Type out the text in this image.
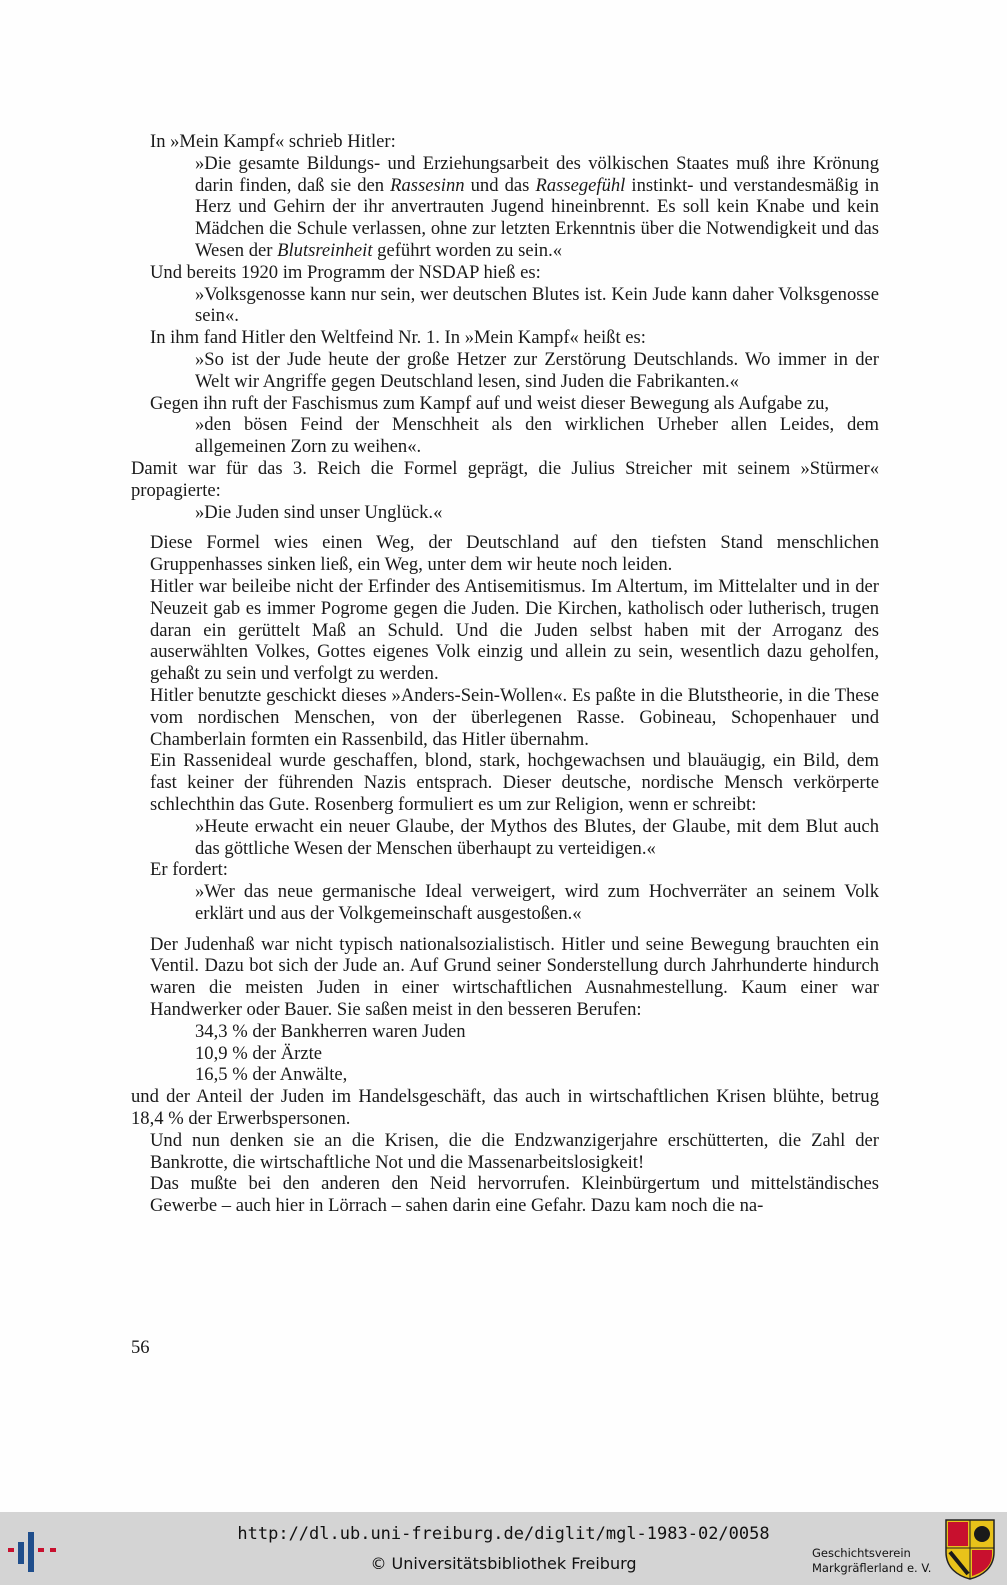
In »Mein Kampf« schrieb Hitler:

»Die gesamte Bildungs- und Erziehungsarbeit des völkischen Staates muß ihre Krönung darin finden, daß sie den Rassesinn und das Rassegefühl instinkt- und verstandesmäßig in Herz und Gehirn der ihr anvertrauten Jugend hineinbrennt. Es soll kein Knabe und kein Mädchen die Schule verlassen, ohne zur letzten Erkenntnis über die Notwendigkeit und das Wesen der Blutsreinheit geführt worden zu sein.«

Und bereits 1920 im Programm der NSDAP hieß es:

»Volksgenosse kann nur sein, wer deutschen Blutes ist. Kein Jude kann daher Volksgenosse sein«.

In ihm fand Hitler den Weltfeind Nr. 1. In »Mein Kampf« heißt es:

»So ist der Jude heute der große Hetzer zur Zerstörung Deutschlands. Wo immer in der Welt wir Angriffe gegen Deutschland lesen, sind Juden die Fabrikanten.«

Gegen ihn ruft der Faschismus zum Kampf auf und weist dieser Bewegung als Aufgabe zu,

»den bösen Feind der Menschheit als den wirklichen Urheber allen Leides, dem allgemeinen Zorn zu weihen«.

Damit war für das 3. Reich die Formel geprägt, die Julius Streicher mit seinem »Stürmer« propagierte:

»Die Juden sind unser Unglück.«

Diese Formel wies einen Weg, der Deutschland auf den tiefsten Stand menschlichen Gruppenhasses sinken ließ, ein Weg, unter dem wir heute noch leiden.

Hitler war beileibe nicht der Erfinder des Antisemitismus. Im Altertum, im Mittelalter und in der Neuzeit gab es immer Pogrome gegen die Juden. Die Kirchen, katholisch oder lutherisch, trugen daran ein gerüttelt Maß an Schuld. Und die Juden selbst haben mit der Arroganz des auserwählten Volkes, Gottes eigenes Volk einzig und allein zu sein, wesentlich dazu geholfen, gehaßt zu sein und verfolgt zu werden.

Hitler benutzte geschickt dieses »Anders-Sein-Wollen«. Es paßte in die Blutstheorie, in die These vom nordischen Menschen, von der überlegenen Rasse. Gobineau, Schopenhauer und Chamberlain formten ein Rassenbild, das Hitler übernahm.

Ein Rassenideal wurde geschaffen, blond, stark, hochgewachsen und blauäugig, ein Bild, dem fast keiner der führenden Nazis entsprach. Dieser deutsche, nordische Mensch verkörperte schlechthin das Gute. Rosenberg formuliert es um zur Religion, wenn er schreibt:

»Heute erwacht ein neuer Glaube, der Mythos des Blutes, der Glaube, mit dem Blut auch das göttliche Wesen der Menschen überhaupt zu verteidigen.«

Er fordert:

»Wer das neue germanische Ideal verweigert, wird zum Hochverräter an seinem Volk erklärt und aus der Volkgemeinschaft ausgestoßen.«

Der Judenhaß war nicht typisch nationalsozialistisch. Hitler und seine Bewegung brauchten ein Ventil. Dazu bot sich der Jude an. Auf Grund seiner Sonderstellung durch Jahrhunderte hindurch waren die meisten Juden in einer wirtschaftlichen Ausnahmestellung. Kaum einer war Handwerker oder Bauer. Sie saßen meist in den besseren Berufen:

34,3 % der Bankherren waren Juden

10,9 % der Ärzte

16,5 % der Anwälte,

und der Anteil der Juden im Handelsgeschäft, das auch in wirtschaftlichen Krisen blühte, betrug 18,4 % der Erwerbspersonen.

Und nun denken sie an die Krisen, die die Endzwanzigerjahre erschütterten, die Zahl der Bankrotte, die wirtschaftliche Not und die Massenarbeitslosigkeit!

Das mußte bei den anderen den Neid hervorrufen. Kleinbürgertum und mittelständisches Gewerbe – auch hier in Lörrach – sahen darin eine Gefahr. Dazu kam noch die na-

56
http://dl.ub.uni-freiburg.de/diglit/mgl-1983-02/0058
© Universitätsbibliothek Freiburg
Geschichtsverein
Markgräflerland e. V.
